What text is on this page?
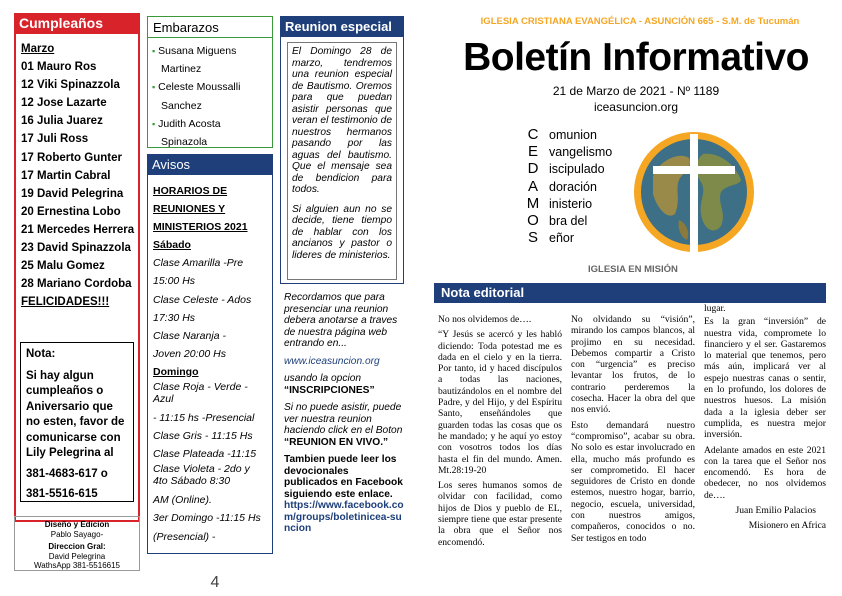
Cumpleaños
Marzo
01 Mauro Ros
12 Viki Spinazzola
12 Jose Lazarte
16 Julia Juarez
17 Juli Ross
17 Roberto Gunter
17 Martin Cabral
19 David Pelegrina
20 Ernestina Lobo
21 Mercedes Herrera
23 David Spinazzola
25 Malu Gomez
28 Mariano Cordoba
FELICIDADES!!!
Nota:
Si hay algun
cumpleaños o
Aniversario que
no esten, favor de
comunicarse con
Lily Pelegrina al
381-4683-617 o
381-5516-615
Embarazos
▪ Susana Miguens
Martinez
▪ Celeste Moussalli
Sanchez
▪ Judith Acosta
Spinazola
Avisos
HORARIOS DE
REUNIONES Y
MINISTERIOS 2021
Sábado
Clase Amarilla -Pre
15:00 Hs
Clase Celeste - Ados
17:30 Hs
Clase Naranja -
Joven 20:00 Hs
Domingo
Clase Roja - Verde -
Azul
- 11:15 hs -Presencial
Clase Gris - 11:15 Hs
Clase Plateada -11:15
Clase Violeta - 2do y
4to Sábado 8:30
AM (Online).
3er Domingo -11:15 Hs
(Presencial) -
Diseño y Edicion
Pablo Sayago-
Direccion Gral:
David Pelegrina
WathsApp 381-5516615
4
Reunion especial

El Domingo 28 de marzo, tendremos una reunion especial de Bautismo. Oremos para que puedan asistir personas que veran el testimonio de nuestros hermanos pasando por las aguas del bautismo. Que el mensaje sea de bendicion para todos.

Si alguien aun no se decide, tiene tiempo de hablar con los ancianos y pastor o lideres de ministerios.

Recordamos que para presenciar una reunion debera anotarse a traves de nuestra página web entrando en...

www.iceasuncion.org

usando la opcion

“INSCRIPCIONES”

Si no puede asistir, puede ver nuestra reunion haciendo click en el Boton

“REUNION EN VIVO.”

Tambien puede leer los devocionales publicados en Facebook siguiendo este enlace.

https://www.facebook.com/groups/boletinicea-suncion

IGLESIA CRISTIANA EVANGÉLICA - ASUNCIÓN 665 - S.M. de Tucumán
Boletín Informativo
21 de Marzo de 2021 - Nº 1189
iceasuncion.org
C omunion
E vangelismo
D iscipulado
A doración
M inisterio
O bra del
S eñor
IGLESIA EN MISIÓN
Nota editorial

No nos olvidemos de….

“Y Jesús se acercó y les habló diciendo: Toda potestad me es dada en el cielo y en la tierra. Por tanto, id y haced discípulos a todas las naciones, bautizándolos en el nombre del Padre, y del Hijo, y del Espíritu Santo, enseñándoles que guarden todas las cosas que os he mandado; y he aquí yo estoy con vosotros todos los días hasta el fin del mundo. Amen. Mt.28:19-20

Los seres humanos somos de olvidar con facilidad, como hijos de Dios y pueblo de EL, siempre tiene que estar presente la obra que el Señor nos encomendó.

No olvidando su “visión”, mirando los campos blancos, al projimo en su necesidad. Debemos compartir a Cristo con “urgencia” es preciso levantar los frutos, de lo contrario perderemos la cosecha. Hacer la obra del que nos envió.

Esto demandará nuestro “compromiso”, acabar su obra. No solo es estar involucrado en ella, mucho más profundo es ser comprometido. El hacer seguidores de Cristo en donde estemos, nuestro hogar, barrio, negocio, escuela, universidad, con nuestros amigos, compañeros, conocidos o no. Ser testigos en todo

lugar.

Es la gran “inversión” de nuestra vida, compromete lo financiero y el ser. Gastaremos lo material que tenemos, pero más aún, implicará ver al espejo nuestras canas o sentir, en lo profundo, los dolores de nuestros huesos. La misión dada a la iglesia deber ser cumplida, es nuestra mejor inversión.

Adelante amados en este 2021 con la tarea que el Señor nos encomendó. Es hora de obedecer, no nos olvidemos de….

Juan Emilio Palacios

Misionero en Africa
